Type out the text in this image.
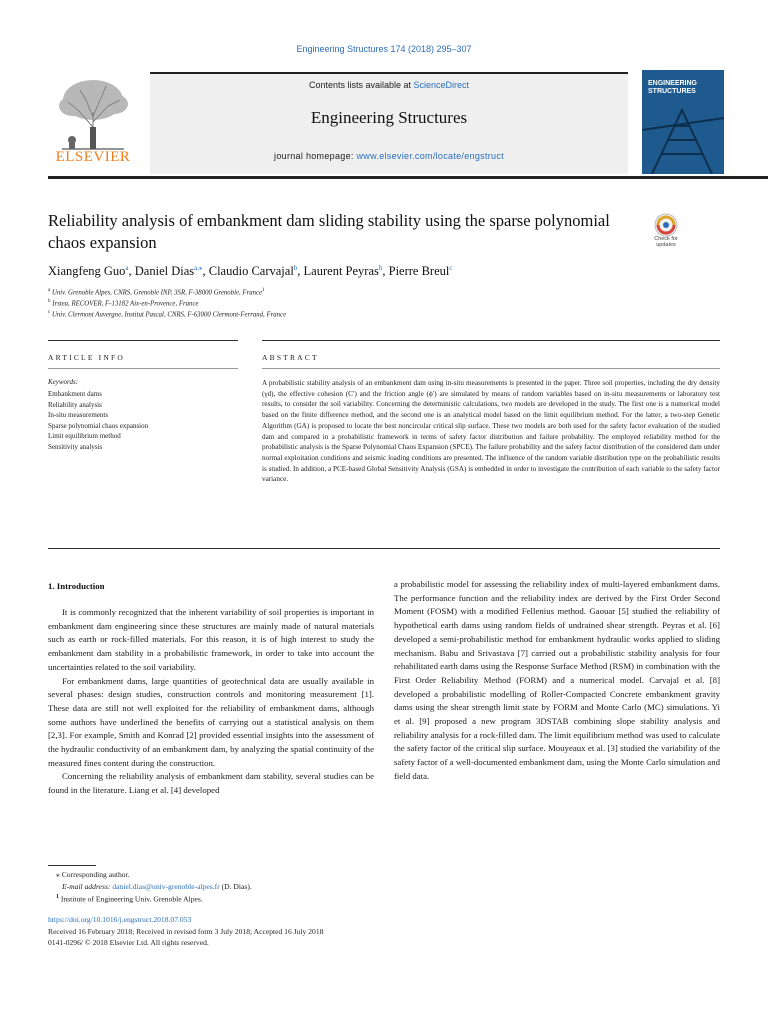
Engineering Structures 174 (2018) 295–307
Contents lists available at ScienceDirect
Engineering Structures
journal homepage: www.elsevier.com/locate/engstruct
ELSEVIER
ENGINEERING STRUCTURES
Reliability analysis of embankment dam sliding stability using the sparse polynomial chaos expansion	Check for updates
Xiangfeng Guo$^a$, Daniel Dias$^{a,⁎}$, Claudio Carvajal$^b$, Laurent Peyras$^b$, Pierre Breul$^c$
$^a$ Univ. Grenoble Alpes, CNRS, Grenoble INP, 3SR, F-38000 Grenoble, France$^1$
$^b$ Irstea, RECOVER, F-13182 Aix-en-Provence, France
$^c$ Univ. Clermont Auvergne, Institut Pascal, CNRS, F-63000 Clermont-Ferrand, France
ARTICLE INFO	ABSTRACT
Keywords:
Embankment dams
Reliability analysis
In-situ measurements
Sparse polynomial chaos expansion
Limit equilibrium method
Sensitivity analysis
A probabilistic stability analysis of an embankment dam using in-situ measurements is presented in the paper. Three soil properties, including the dry density (γd), the effective cohesion (C′) and the friction angle (ϕ′) are simulated by means of random variables based on in-situ measurements or laboratory test results, to consider the soil variability. Concerning the deterministic calculations, two models are developed in the study. The first one is a numerical model based on the finite difference method, and the second one is an analytical model based on the limit equilibrium method. For the latter, a two-step Genetic Algorithm (GA) is proposed to locate the best noncircular critical slip surface. These two models are both used for the safety factor evaluation of the studied dam and compared in a probabilistic framework in terms of safety factor distribution and failure probability. The employed reliability method for the probabilistic analysis is the Sparse Polynomial Chaos Expansion (SPCE). The failure probability and the safety factor distribution of the considered dam under normal exploitation conditions and seismic loading conditions are presented. The influence of the random variable distribution type on the probabilistic results is studied. In addition, a PCE-based Global Sensitivity Analysis (GSA) is embedded in order to investigate the contribution of each variable to the safety factor variance.
1. Introduction

It is commonly recognized that the inherent variability of soil properties is important in embankment dam engineering since these structures are mainly made of natural materials such as earth or rock-filled materials. For this reason, it is of high interest to study the embankment dam stability in a probabilistic framework, in order to take into account the uncertainties related to the soil variability.

For embankment dams, large quantities of geotechnical data are usually available in several phases: design studies, construction controls and monitoring measurement [1]. These data are still not well exploited for the reliability of embankment dams, although some authors have underlined the benefits of carrying out a statistical analysis on them [2,3]. For example, Smith and Konrad [2] provided essential insights into the assessment of the hydraulic conductivity of an embankment dam, by analyzing the spatial continuity of the measured fines content during the construction.

Concerning the reliability analysis of embankment dam stability, several studies can be found in the literature. Liang et al. [4] developed

a probabilistic model for assessing the reliability index of multi-layered embankment dams. The performance function and the reliability index are derived by the First Order Second Moment (FOSM) with a modified Fellenius method. Gaouar [5] studied the reliability of hypothetical earth dams using random fields of undrained shear strength. Peyras et al. [6] developed a semi-probabilistic method for embankment hydraulic works applied to sliding mechanism. Babu and Srivastava [7] carried out a probabilistic stability analysis for four rehabilitated earth dams using the Response Surface Method (RSM) in combination with the First Order Reliability Method (FORM) and a numerical model. Carvajal et al. [8] developed a probabilistic modelling of Roller-Compacted Concrete embankment gravity dams using the shear strength limit state by FORM and Monte Carlo (MC) simulations. Yi et al. [9] proposed a new program 3DSTAB combining slope stability analysis and reliability analysis for a rock-filled dam. The limit equilibrium method was used to calculate the safety factor of the critical slip surface. Mouyeaux et al. [3] studied the variability of the safety factor of a well-documented embankment dam, using the Monte Carlo simulation and field data.

⁎ Corresponding author.
E-mail address: daniel.dias@univ-grenoble-alpes.fr (D. Dias).
$^1$ Institute of Engineering Univ. Grenoble Alpes.
https://doi.org/10.1016/j.engstruct.2018.07.053
Received 16 February 2018; Received in revised form 3 July 2018; Accepted 16 July 2018
0141-0296/ © 2018 Elsevier Ltd. All rights reserved.
